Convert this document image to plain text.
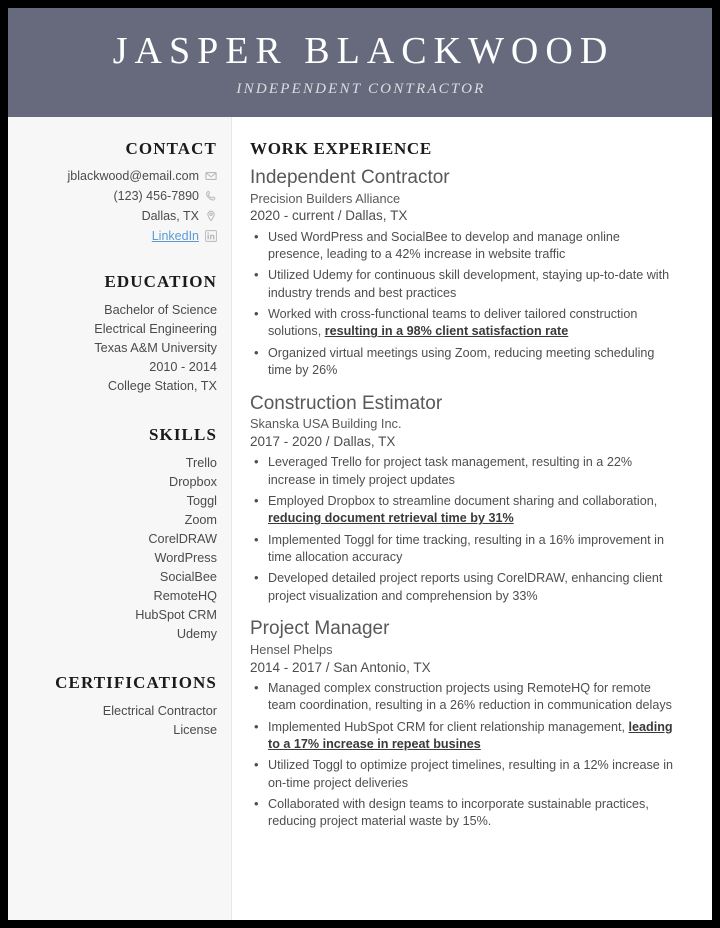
JASPER BLACKWOOD
INDEPENDENT CONTRACTOR
CONTACT
jblackwood@email.com
(123) 456-7890
Dallas, TX
LinkedIn
EDUCATION
Bachelor of Science
Electrical Engineering
Texas A&M University
2010 - 2014
College Station, TX
SKILLS
Trello
Dropbox
Toggl
Zoom
CorelDRAW
WordPress
SocialBee
RemoteHQ
HubSpot CRM
Udemy
CERTIFICATIONS
Electrical Contractor
License
WORK EXPERIENCE
Independent Contractor
Precision Builders Alliance
2020 - current / Dallas, TX
• Used WordPress and SocialBee to develop and manage online presence, leading to a 42% increase in website traffic
• Utilized Udemy for continuous skill development, staying up-to-date with industry trends and best practices
• Worked with cross-functional teams to deliver tailored construction solutions, resulting in a 98% client satisfaction rate
• Organized virtual meetings using Zoom, reducing meeting scheduling time by 26%
Construction Estimator
Skanska USA Building Inc.
2017 - 2020 / Dallas, TX
• Leveraged Trello for project task management, resulting in a 22% increase in timely project updates
• Employed Dropbox to streamline document sharing and collaboration, reducing document retrieval time by 31%
• Implemented Toggl for time tracking, resulting in a 16% improvement in time allocation accuracy
• Developed detailed project reports using CorelDRAW, enhancing client project visualization and comprehension by 33%
Project Manager
Hensel Phelps
2014 - 2017 / San Antonio, TX
• Managed complex construction projects using RemoteHQ for remote team coordination, resulting in a 26% reduction in communication delays
• Implemented HubSpot CRM for client relationship management, leading to a 17% increase in repeat busines
• Utilized Toggl to optimize project timelines, resulting in a 12% increase in on-time project deliveries
• Collaborated with design teams to incorporate sustainable practices, reducing project material waste by 15%.
